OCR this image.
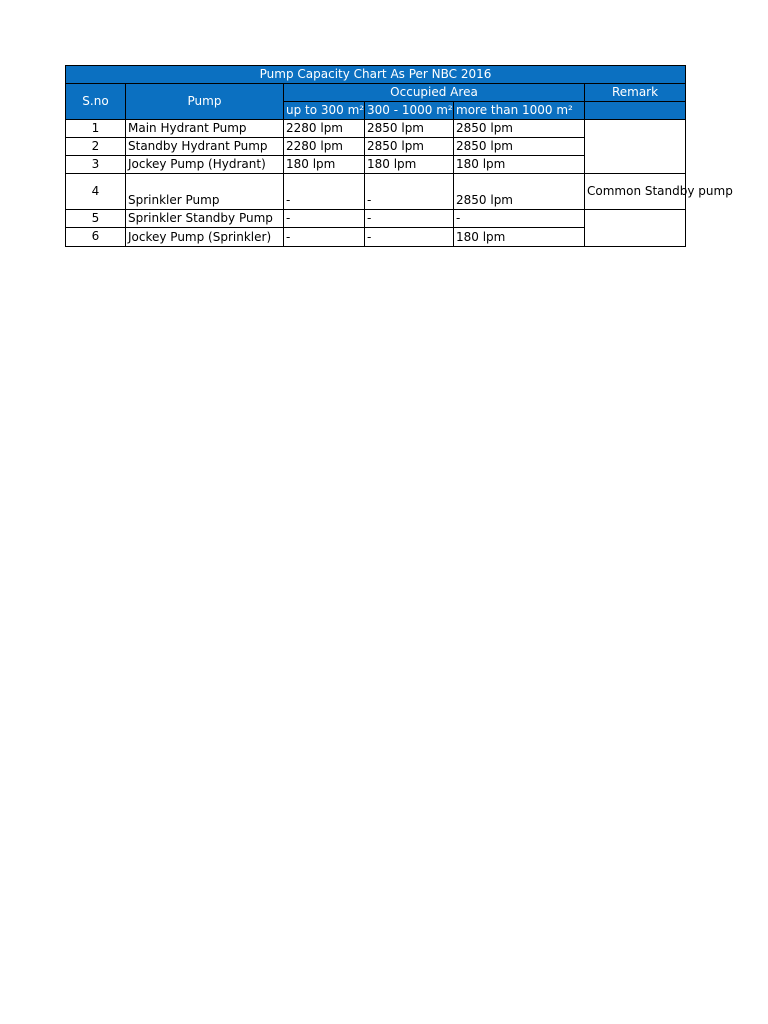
Pump Capacity Chart As Per NBC 2016					
S.no	Pump	Occupied Area			Remark
		up to 300 m²	300 - 1000 m²	more than 1000 m²	
1	Main Hydrant Pump	2280 lpm	2850 lpm	2850 lpm	
2	Standby Hydrant Pump	2280 lpm	2850 lpm	2850 lpm	
3	Jockey Pump (Hydrant)	180 lpm	180 lpm	180 lpm	
4	Sprinkler Pump	-	-	2850 lpm	Common Standby pump
5	Sprinkler Standby Pump	-	-	-	
6	Jockey Pump (Sprinkler)	-	-	180 lpm	
